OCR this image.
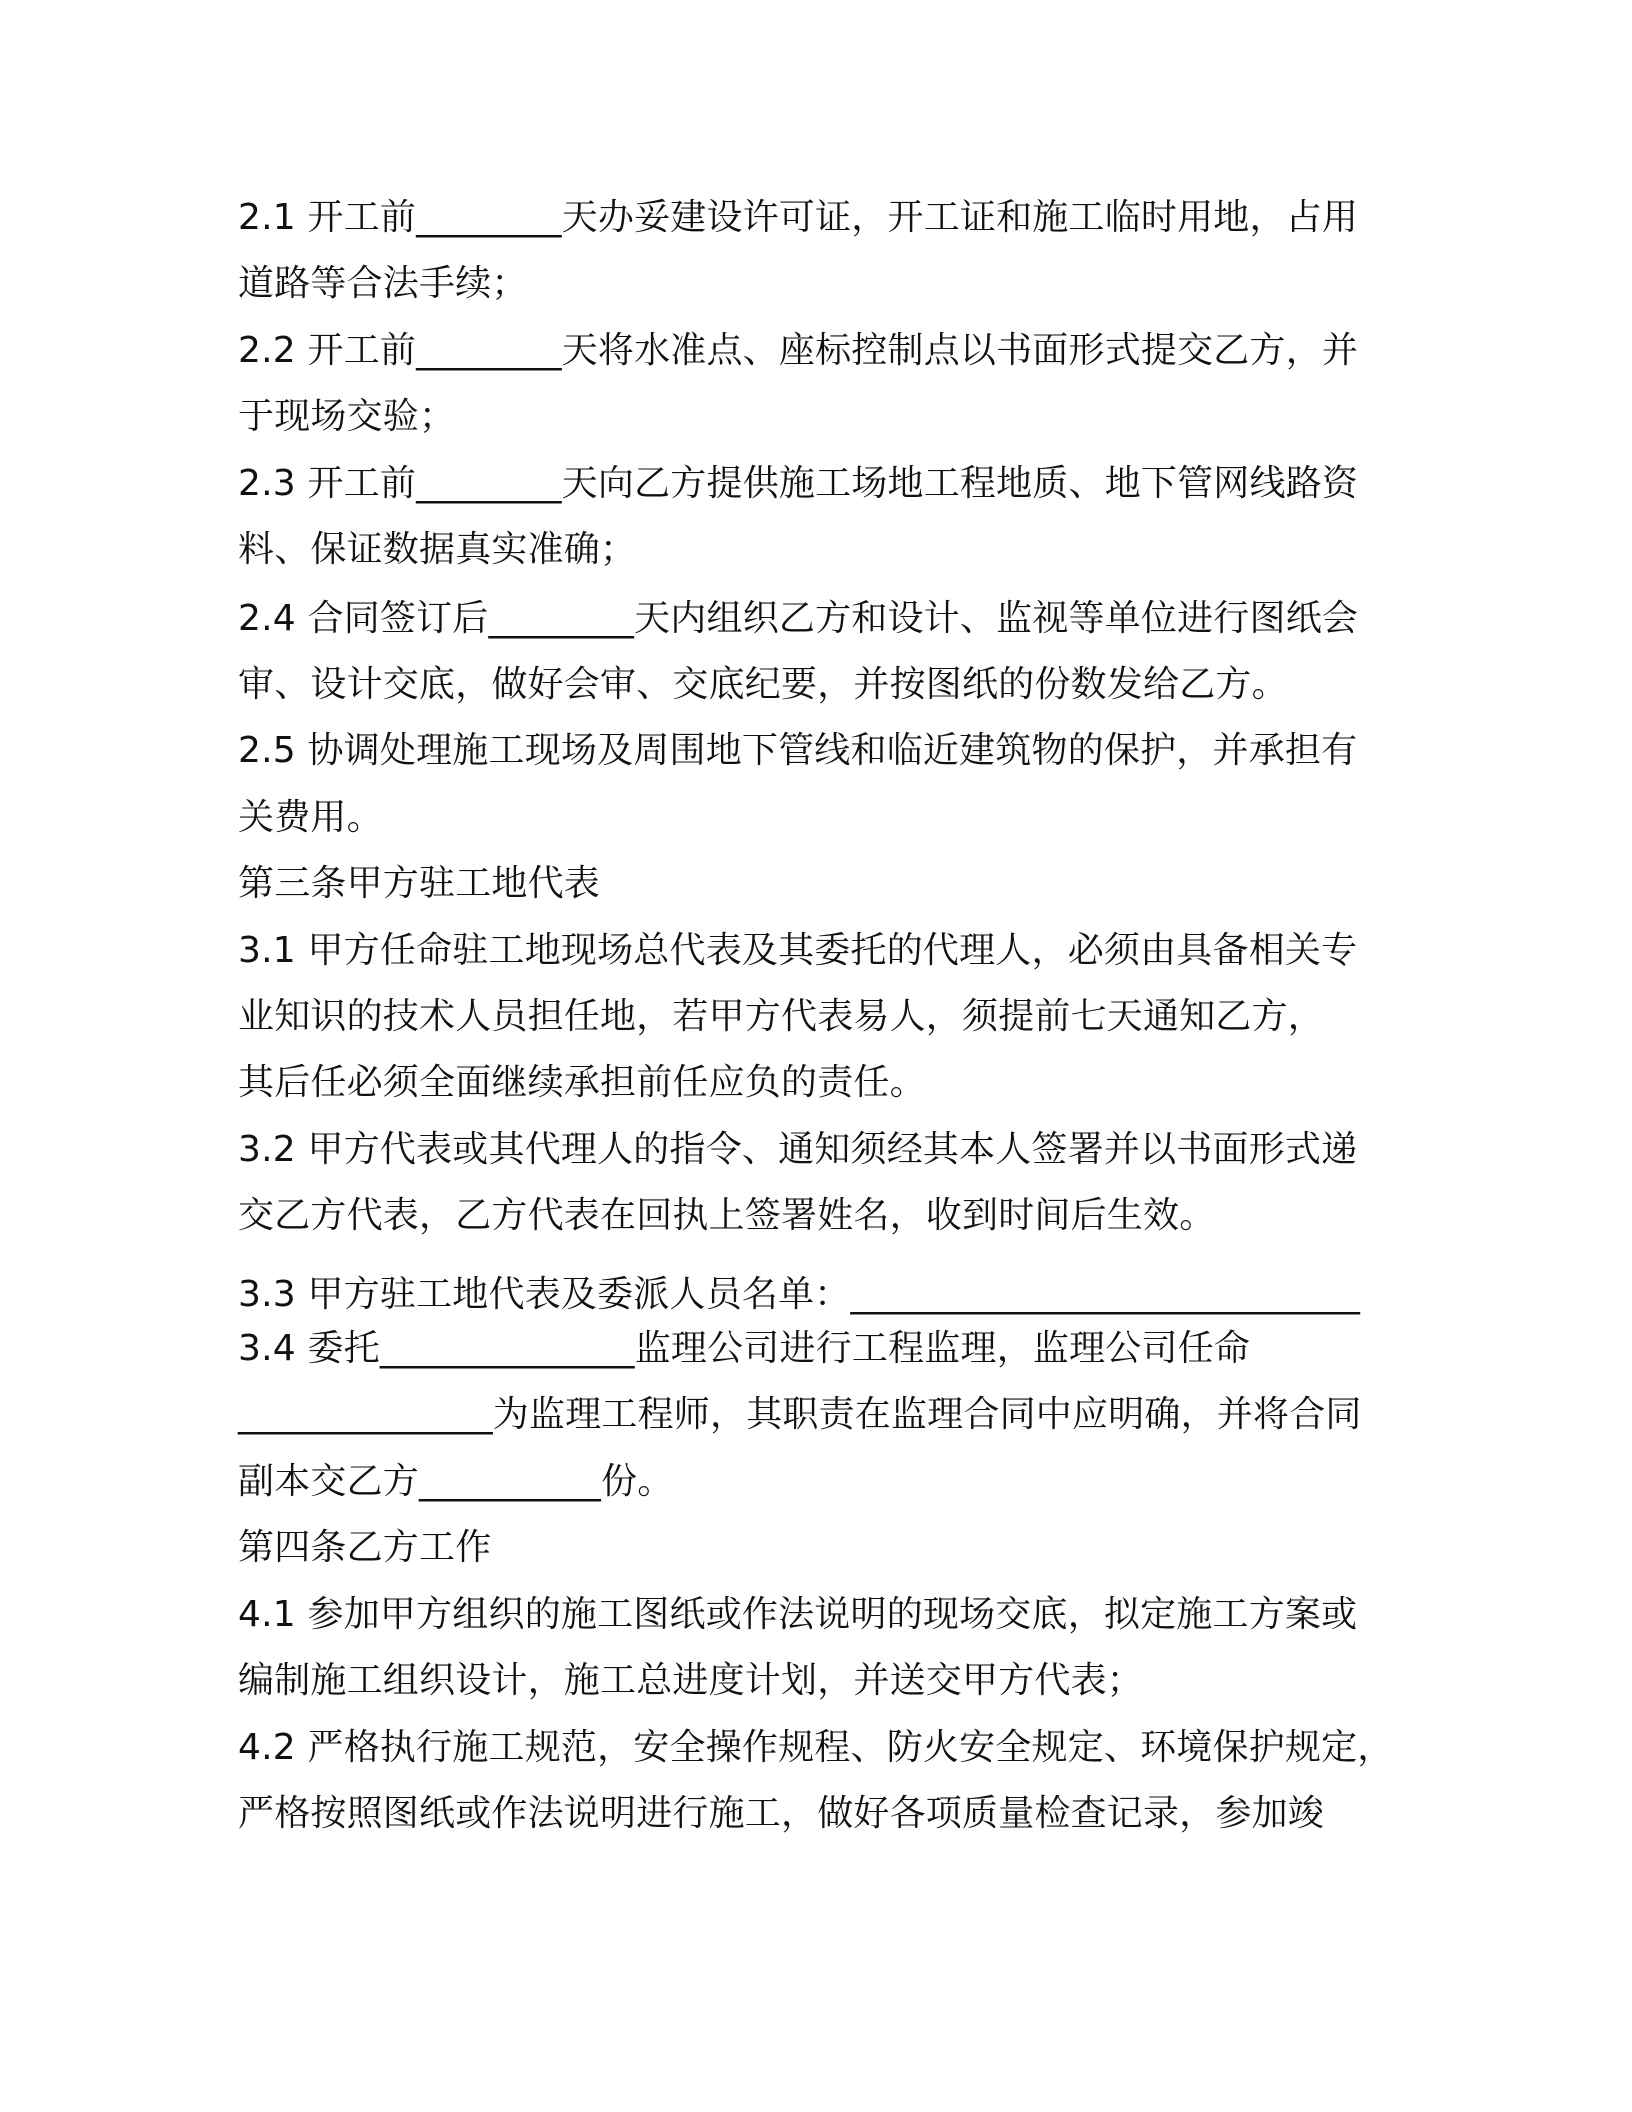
2.1 开工前________天办妥建设许可证，开工证和施工临时用地，占用
道路等合法手续；
2.2 开工前________天将水准点、座标控制点以书面形式提交乙方，并
于现场交验；
2.3 开工前________天向乙方提供施工场地工程地质、地下管网线路资
料、保证数据真实准确；
2.4 合同签订后________天内组织乙方和设计、监视等单位进行图纸会
审、设计交底，做好会审、交底纪要，并按图纸的份数发给乙方。
2.5 协调处理施工现场及周围地下管线和临近建筑物的保护，并承担有
关费用。
第三条甲方驻工地代表
3.1 甲方任命驻工地现场总代表及其委托的代理人，必须由具备相关专
业知识的技术人员担任地，若甲方代表易人，须提前七天通知乙方，
其后任必须全面继续承担前任应负的责任。
3.2 甲方代表或其代理人的指令、通知须经其本人签署并以书面形式递
交乙方代表，乙方代表在回执上签署姓名，收到时间后生效。
3.3 甲方驻工地代表及委派人员名单：____________________________
3.4 委托______________监理公司进行工程监理，监理公司任命
______________为监理工程师，其职责在监理合同中应明确，并将合同
副本交乙方__________份。
第四条乙方工作
4.1 参加甲方组织的施工图纸或作法说明的现场交底，拟定施工方案或
编制施工组织设计，施工总进度计划，并送交甲方代表；
4.2 严格执行施工规范，安全操作规程、防火安全规定、环境保护规定，
严格按照图纸或作法说明进行施工，做好各项质量检查记录，参加竣
